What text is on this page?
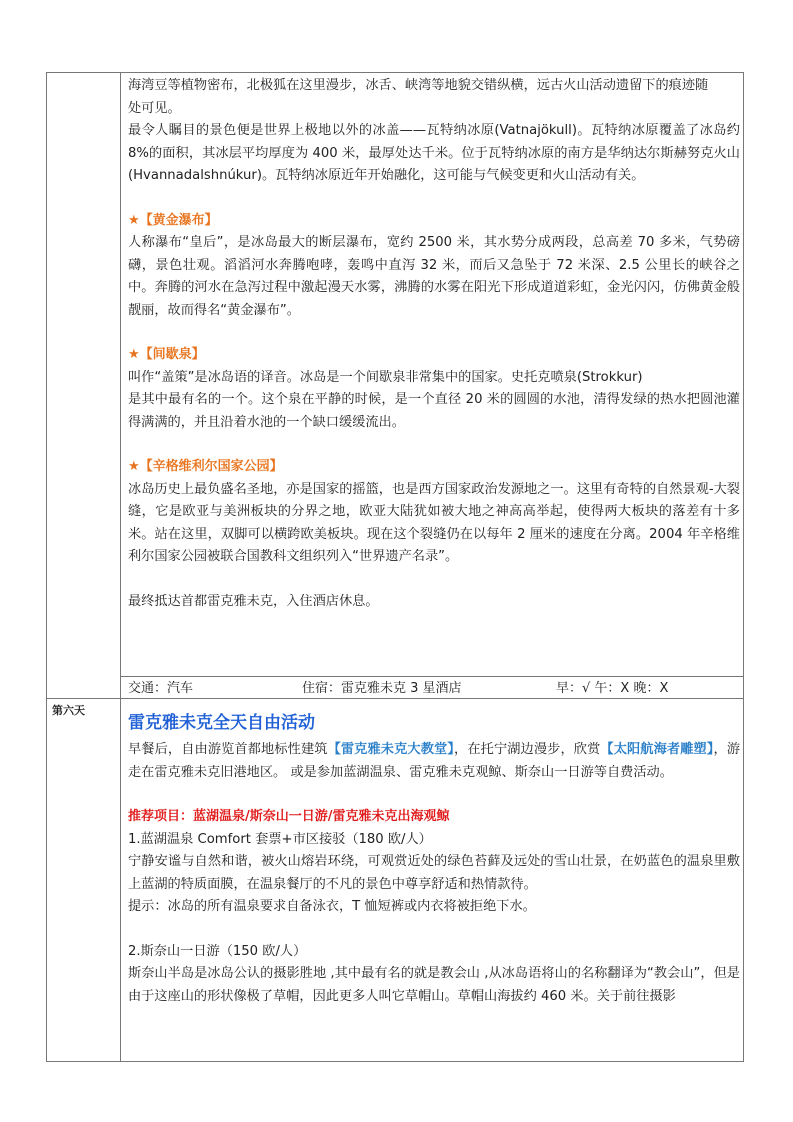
海湾豆等植物密布，北极狐在这里漫步，冰舌、峡湾等地貌交错纵横，远古火山活动遗留下的痕迹随

处可见。

最令人瞩目的景色便是世界上极地以外的冰盖——瓦特纳冰原(Vatnajökull)。瓦特纳冰原覆盖了冰岛约 8%的面积，其冰层平均厚度为 400 米，最厚处达千米。位于瓦特纳冰原的南方是华纳达尔斯赫努克火山(Hvannadalshnúkur)。瓦特纳冰原近年开始融化，这可能与气候变更和火山活动有关。

★【黄金瀑布】

人称瀑布“皇后”，是冰岛最大的断层瀑布，宽约 2500 米，其水势分成两段，总高差 70 多米，气势磅礴，景色壮观。滔滔河水奔腾咆哮，轰鸣中直泻 32 米，而后又急坠于 72 米深、2.5 公里长的峡谷之中。奔腾的河水在急泻过程中激起漫天水雾，沸腾的水雾在阳光下形成道道彩虹，金光闪闪，仿佛黄金般靓丽，故而得名“黄金瀑布”。

★【间歇泉】

叫作“盖策”是冰岛语的译音。冰岛是一个间歇泉非常集中的国家。史托克喷泉(Strokkur)

是其中最有名的一个。这个泉在平静的时候，是一个直径 20 米的圆圆的水池，清得发绿的热水把圆池灌得满满的，并且沿着水池的一个缺口缓缓流出。

★【辛格维利尔国家公园】

冰岛历史上最负盛名圣地，亦是国家的摇篮，也是西方国家政治发源地之一。这里有奇特的自然景观-大裂缝，它是欧亚与美洲板块的分界之地，欧亚大陆犹如被大地之神高高举起，使得两大板块的落差有十多米。站在这里，双脚可以横跨欧美板块。现在这个裂缝仍在以每年 2 厘米的速度在分离。2004 年辛格维利尔国家公园被联合国教科文组织列入“世界遗产名录”。

最终抵达首都雷克雅未克，入住酒店休息。

交通：汽车	住宿：雷克雅未克 3 星酒店	早：√ 午：X 晚：X
第六天
雷克雅未克全天自由活动

早餐后，自由游览首都地标性建筑【雷克雅未克大教堂】，在托宁湖边漫步，欣赏【太阳航海者雕塑】，游走在雷克雅未克旧港地区。 或是参加蓝湖温泉、雷克雅未克观鲸、斯奈山一日游等自费活动。

推荐项目：蓝湖温泉/斯奈山一日游/雷克雅未克出海观鲸

1.蓝湖温泉 Comfort 套票+市区接驳（180 欧/人）

宁静安谧与自然和谐，被火山熔岩环绕，可观赏近处的绿色苔藓及远处的雪山壮景，在奶蓝色的温泉里敷上蓝湖的特质面膜，在温泉餐厅的不凡的景色中尊享舒适和热情款待。

提示：冰岛的所有温泉要求自备泳衣，T 恤短裤或内衣将被拒绝下水。

2.斯奈山一日游（150 欧/人）

斯奈山半岛是冰岛公认的摄影胜地 ,其中最有名的就是教会山 ,从冰岛语将山的名称翻译为“教会山”，但是由于这座山的形状像极了草帽，因此更多人叫它草帽山。草帽山海拔约 460 米。关于前往摄影
